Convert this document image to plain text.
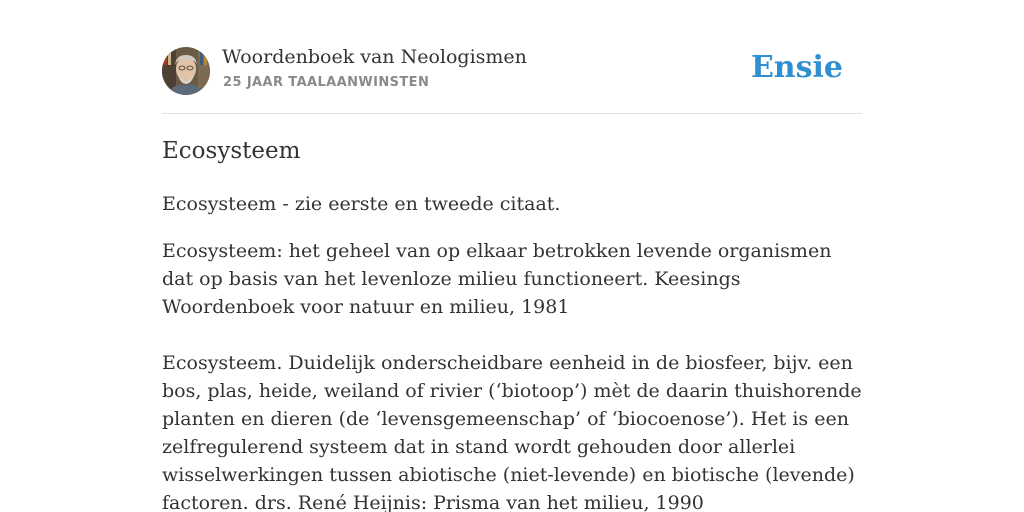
Woordenboek van Neologismen
25 JAAR TAALAANWINSTEN	Ensie
Ecosysteem

Ecosysteem - zie eerste en tweede citaat.

Ecosysteem: het geheel van op elkaar betrokken levende organismen dat op basis van het levenloze milieu functioneert. Keesings Woordenboek voor natuur en milieu, 1981

Ecosysteem. Duidelijk onderscheidbare eenheid in de biosfeer, bijv. een bos, plas, heide, weiland of rivier (‘biotoop’) mèt de daarin thuishorende planten en dieren (de ‘levensgemeenschap’ of ‘biocoenose’). Het is een zelfregulerend systeem dat in stand wordt gehouden door allerlei wisselwerkingen tussen abiotische (niet-levende) en biotische (levende) factoren. drs. René Heijnis: Prisma van het milieu, 1990
